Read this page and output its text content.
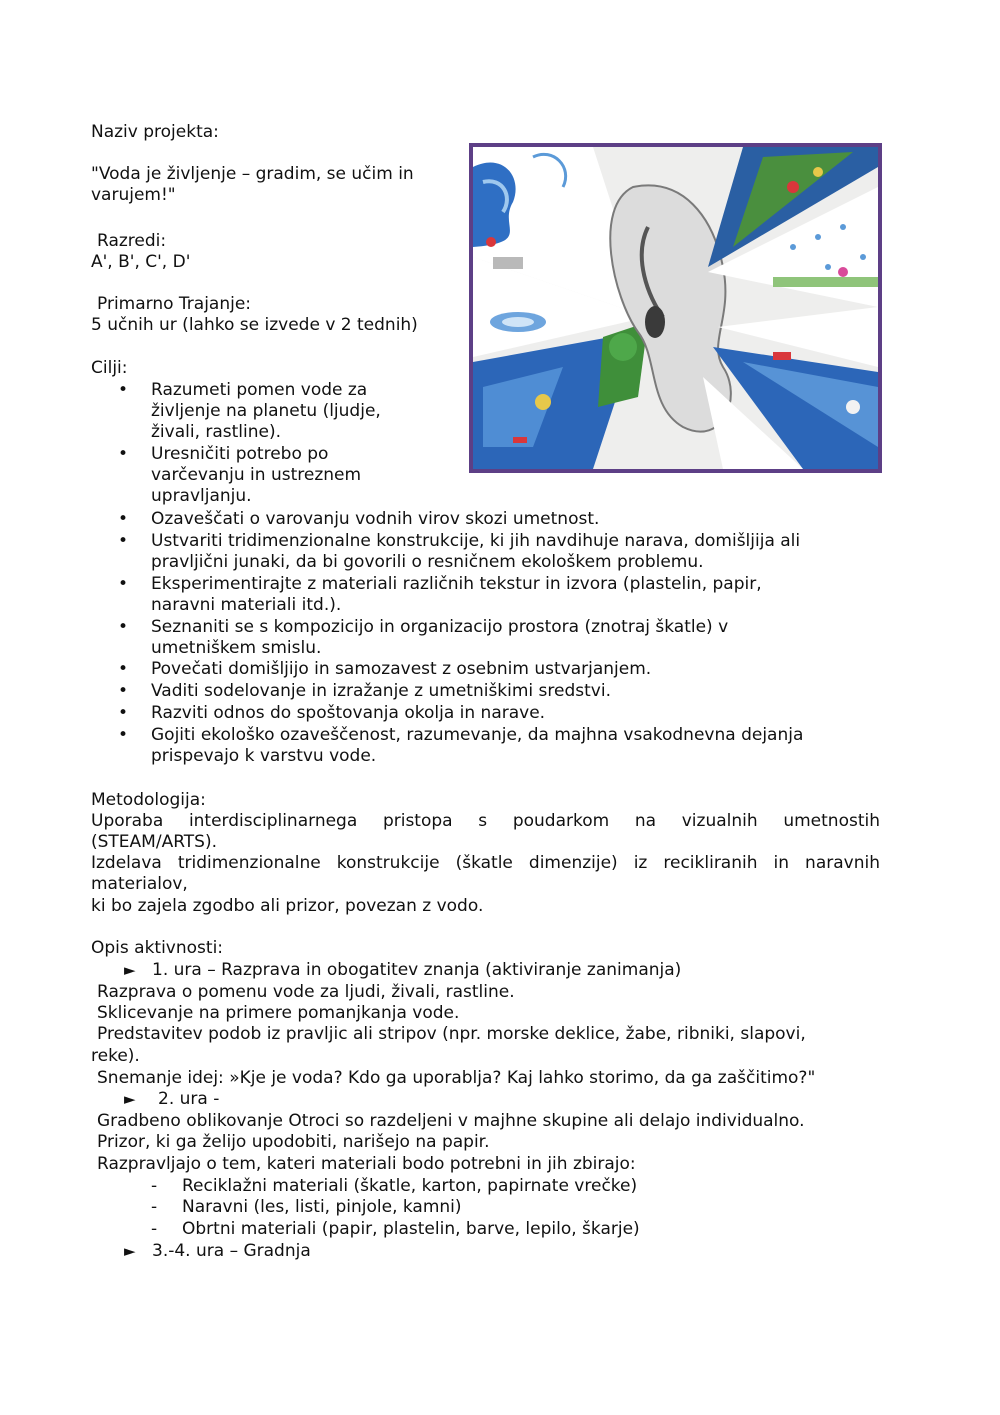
Naziv projekta:
"Voda je življenje – gradim, se učim in
varujem!"
Razredi:
A', B', C', D'
Primarno Trajanje:
5 učnih ur (lahko se izvede v 2 tednih)
Cilji:
• Razumeti pomen vode za
življenje na planetu (ljudje,
živali, rastline).
• Uresničiti potrebo po
varčevanju in ustreznem
upravljanju.
• Ozaveščati o varovanju vodnih virov skozi umetnost.
• Ustvariti tridimenzionalne konstrukcije, ki jih navdihuje narava, domišljija ali
pravljični junaki, da bi govorili o resničnem ekološkem problemu.
• Eksperimentirajte z materiali različnih tekstur in izvora (plastelin, papir,
naravni materiali itd.).
• Seznaniti se s kompozicijo in organizacijo prostora (znotraj škatle) v
umetniškem smislu.
• Povečati domišljijo in samozavest z osebnim ustvarjanjem.
• Vaditi sodelovanje in izražanje z umetniškimi sredstvi.
• Razviti odnos do spoštovanja okolja in narave.
• Gojiti ekološko ozaveščenost, razumevanje, da majhna vsakodnevna dejanja
prispevajo k varstvu vode.
Metodologija:
Uporaba interdisciplinarnega pristopa s poudarkom na vizualnih umetnostih
(STEAM/ARTS).
Izdelava tridimenzionalne konstrukcije (škatle dimenzije) iz recikliranih in naravnih
materialov,
ki bo zajela zgodbo ali prizor, povezan z vodo.
Opis aktivnosti:
► 1. ura – Razprava in obogatitev znanja (aktiviranje zanimanja)
Razprava o pomenu vode za ljudi, živali, rastline.
Sklicevanje na primere pomanjkanja vode.
Predstavitev podob iz pravljic ali stripov (npr. morske deklice, žabe, ribniki, slapovi,
reke).
Snemanje idej: »Kje je voda? Kdo ga uporablja? Kaj lahko storimo, da ga zaščitimo?"
► 2. ura -
Gradbeno oblikovanje Otroci so razdeljeni v majhne skupine ali delajo individualno.
Prizor, ki ga želijo upodobiti, narišejo na papir.
Razpravljajo o tem, kateri materiali bodo potrebni in jih zbirajo:
- Reciklažni materiali (škatle, karton, papirnate vrečke)
- Naravni (les, listi, pinjole, kamni)
- Obrtni materiali (papir, plastelin, barve, lepilo, škarje)
► 3.-4. ura – Gradnja
